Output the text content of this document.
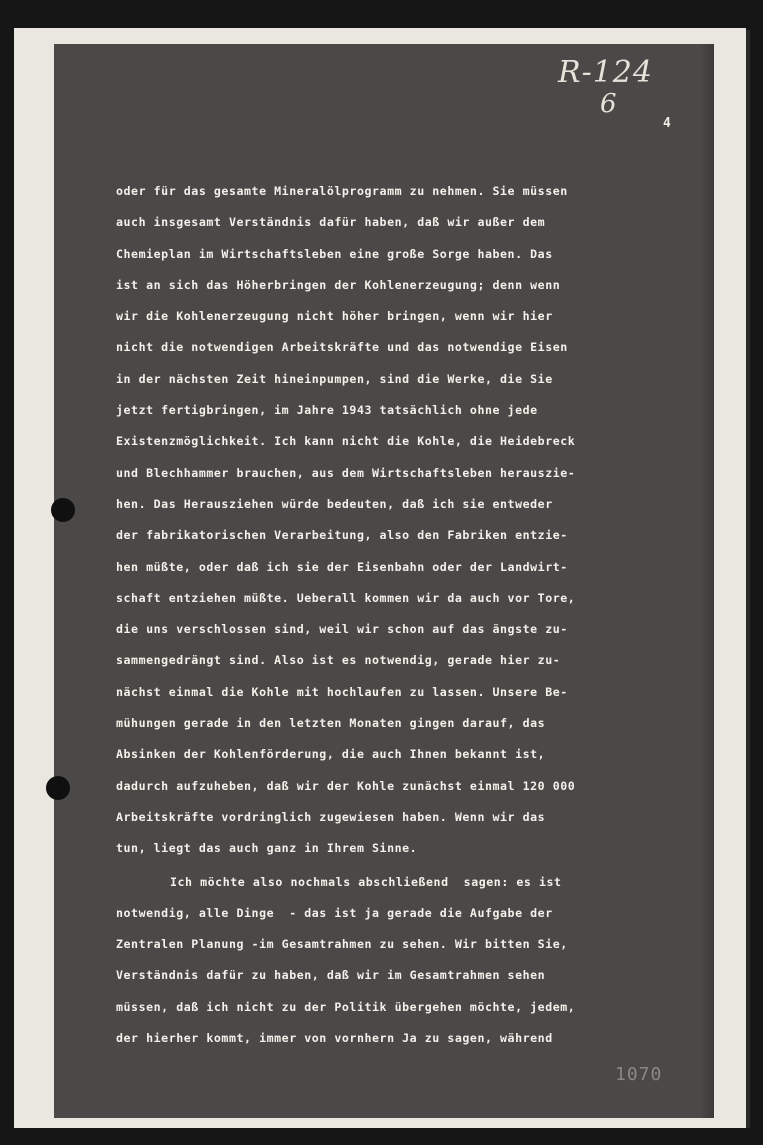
R-124
6
4
oder für das gesamte Mineralölprogramm zu nehmen. Sie müssen
auch insgesamt Verständnis dafür haben, daß wir außer dem
Chemieplan im Wirtschaftsleben eine große Sorge haben. Das
ist an sich das Höherbringen der Kohlenerzeugung; denn wenn
wir die Kohlenerzeugung nicht höher bringen, wenn wir hier
nicht die notwendigen Arbeitskräfte und das notwendige Eisen
in der nächsten Zeit hineinpumpen, sind die Werke, die Sie
jetzt fertigbringen, im Jahre 1943 tatsächlich ohne jede
Existenzmöglichkeit. Ich kann nicht die Kohle, die Heidebreck
und Blechhammer brauchen, aus dem Wirtschaftsleben herauszie-
hen. Das Herausziehen würde bedeuten, daß ich sie entweder
der fabrikatorischen Verarbeitung, also den Fabriken entzie-
hen müßte, oder daß ich sie der Eisenbahn oder der Landwirt-
schaft entziehen müßte. Ueberall kommen wir da auch vor Tore,
die uns verschlossen sind, weil wir schon auf das ängste zu-
sammengedrängt sind. Also ist es notwendig, gerade hier zu-
nächst einmal die Kohle mit hochlaufen zu lassen. Unsere Be-
mühungen gerade in den letzten Monaten gingen darauf, das
Absinken der Kohlenförderung, die auch Ihnen bekannt ist,
dadurch aufzuheben, daß wir der Kohle zunächst einmal 120 000
Arbeitskräfte vordringlich zugewiesen haben. Wenn wir das
tun, liegt das auch ganz in Ihrem Sinne.
Ich möchte also nochmals abschließend  sagen: es ist
notwendig, alle Dinge  - das ist ja gerade die Aufgabe der
Zentralen Planung -im Gesamtrahmen zu sehen. Wir bitten Sie,
Verständnis dafür zu haben, daß wir im Gesamtrahmen sehen
müssen, daß ich nicht zu der Politik übergehen möchte, jedem,
der hierher kommt, immer von vornhern Ja zu sagen, während
1070
